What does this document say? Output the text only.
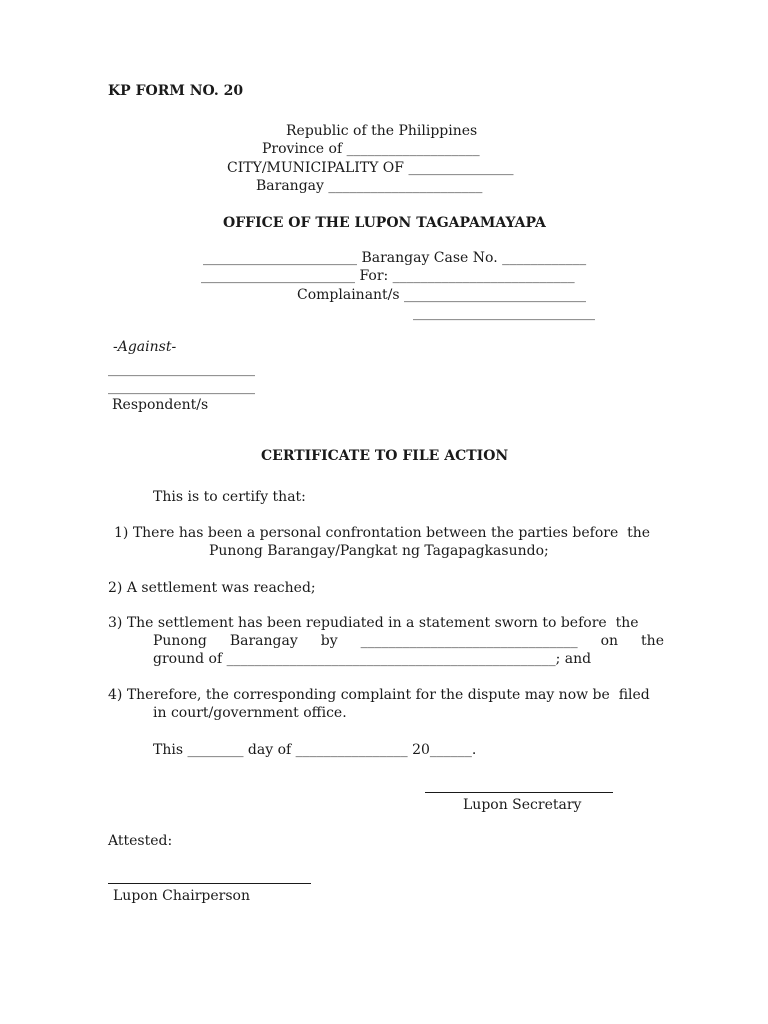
KP FORM NO. 20
Republic of the Philippines
Province of ___________________
CITY/MUNICIPALITY OF _______________
Barangay ______________________
OFFICE OF THE LUPON TAGAPAMAYAPA
______________________ Barangay Case No. ____________
______________________ For: __________________________
Complainant/s __________________________
__________________________
-Against-
_____________________
_____________________
Respondent/s
CERTIFICATE TO FILE ACTION
This is to certify that:
1) There has been a personal confrontation between the parties before  the
Punong Barangay/Pangkat ng Tagapagkasundo;
2) A settlement was reached;
3) The settlement has been repudiated in a statement sworn to before  the
Punong Barangay by _______________________________ on the
ground of _______________________________________________; and
4) Therefore, the corresponding complaint for the dispute may now be  filed
in court/government office.
This ________ day of ________________ 20______.
Lupon Secretary
Attested:
Lupon Chairperson
